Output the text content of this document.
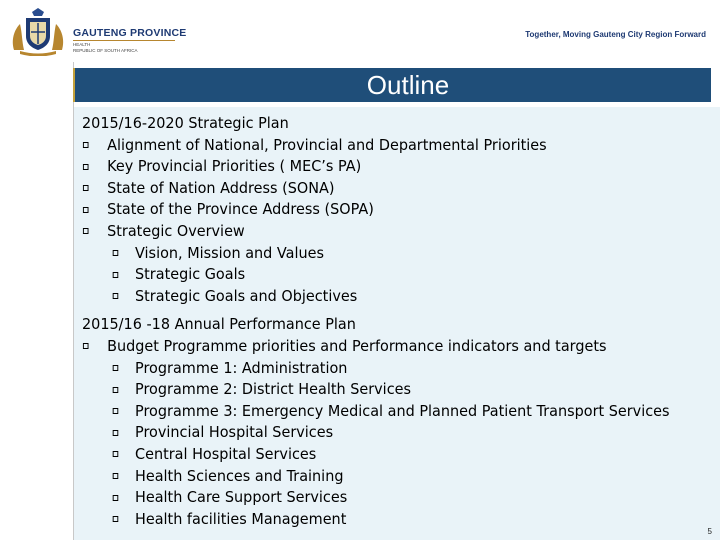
GAUTENG PROVINCE
HEALTH
REPUBLIC OF SOUTH AFRICA
Together, Moving Gauteng City Region Forward
Outline
2015/16-2020 Strategic Plan
Alignment of National, Provincial and Departmental Priorities
Key Provincial Priorities ( MEC’s PA)
State of Nation Address (SONA)
State of the Province Address (SOPA)
Strategic Overview
Vision, Mission and Values
Strategic Goals
Strategic Goals and Objectives
2015/16 -18 Annual Performance Plan
Budget Programme priorities and Performance indicators and targets
Programme 1: Administration
Programme 2: District Health Services
Programme 3: Emergency Medical and Planned Patient Transport Services
Provincial Hospital Services
Central Hospital Services
Health Sciences and Training
Health Care Support Services
Health facilities Management
5
